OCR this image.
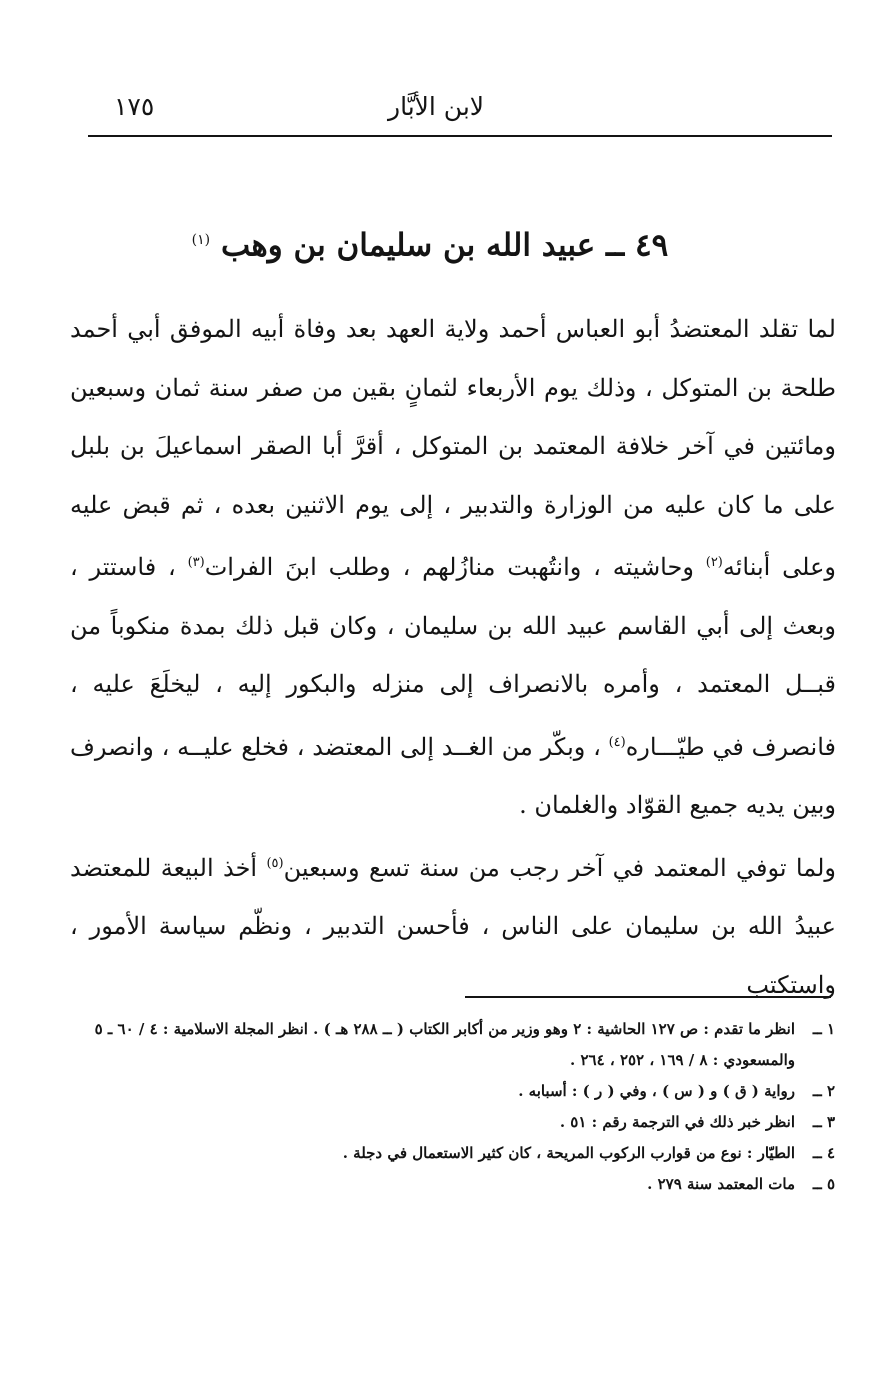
١٧٥	لابن الأبَّار
٤٩ ــ عبيد الله بن سليمان بن وهب $^{(١)}$

لما تقلد المعتضدُ أبو العباس أحمد ولاية العهد بعد وفاة أبيه الموفق أبي أحمد طلحة بن المتوكل ، وذلك يوم الأربعاء لثمانٍ بقين من صفر سنة ثمان وسبعين ومائتين في آخر خلافة المعتمد بن المتوكل ، أقرَّ أبا الصقر اسماعيلَ بن بلبل على ما كان عليه من الوزارة والتدبير ، إلى يوم الاثنين بعده ، ثم قبض عليه وعلى أبنائه$^{(٢)}$ وحاشيته ، وانتُهبت منازُلهم ، وطلب ابنَ الفرات$^{(٣)}$ ، فاستتر ، وبعث إلى أبي القاسم عبيد الله بن سليمان ، وكان قبل ذلك بمدة منكوباً من قبــل المعتمد ، وأمره بالانصراف إلى منزله والبكور إليه ، ليخلَعَ عليه ، فانصرف في طيّـــاره$^{(٤)}$ ، وبكّر من الغــد إلى المعتضد ، فخلع عليــه ، وانصرف وبين يديه جميع القوّاد والغلمان .

ولما توفي المعتمد في آخر رجب من سنة تسع وسبعين$^{(٥)}$ أخذ البيعة للمعتضد عبيدُ الله بن سليمان على الناس ، فأحسن التدبير ، ونظّم سياسة الأمور ، واستكتب

١ ــ
انظر ما تقدم : ص ١٢٧ الحاشية : ٢ وهو وزير من أكابر الكتاب ( ــ ٢٨٨ هـ ) . انظر المجلة الاسلامية : ٤ / ٦٠ ـ ٥ والمسعودي : ٨ / ١٦٩ ، ٢٥٢ ، ٢٦٤ .

٢ ــ
رواية ( ق ) و ( س ) ، وفي ( ر ) : أسبابه .

٣ ــ
انظر خبر ذلك في الترجمة رقم : ٥١ .

٤ ــ
الطيّار : نوع من قوارب الركوب المريحة ، كان كثير الاستعمال في دجلة .

٥ ــ
مات المعتمد سنة ٢٧٩ .
